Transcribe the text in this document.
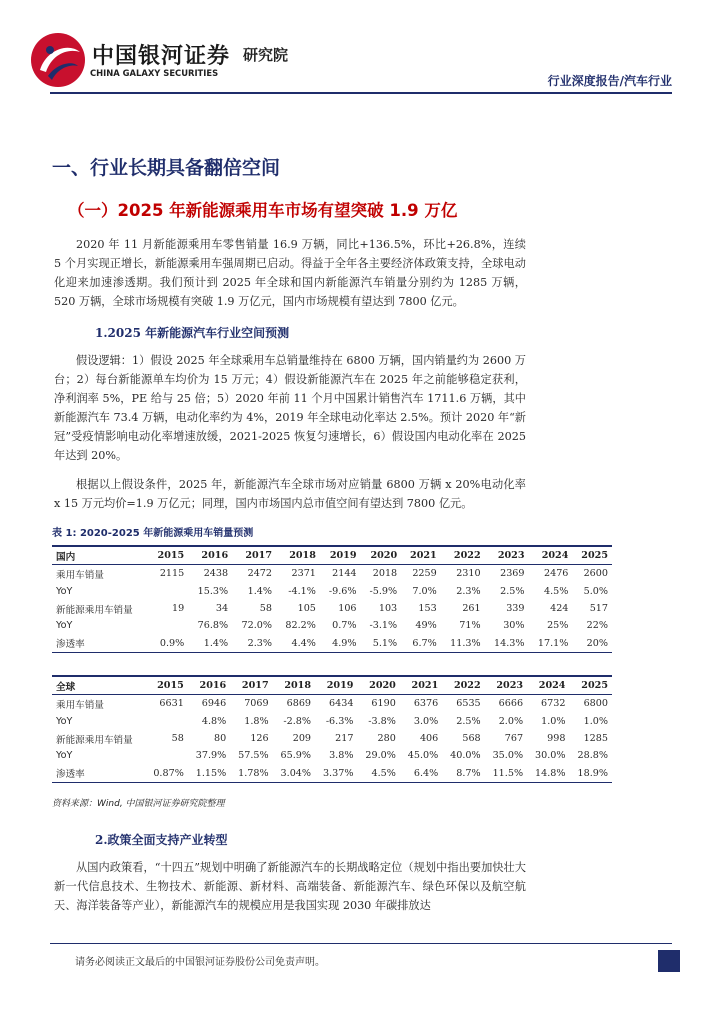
中国银河证券
CHINA GALAXY SECURITIES
研究院
行业深度报告/汽车行业
一、行业长期具备翻倍空间
（一）2025 年新能源乘用车市场有望突破 1.9 万亿
2020 年 11 月新能源乘用车零售销量 16.9 万辆，同比+136.5%，环比+26.8%，连续 5 个月实现正增长，新能源乘用车强周期已启动。得益于全年各主要经济体政策支持，全球电动化迎来加速渗透期。我们预计到 2025 年全球和国内新能源汽车销量分别约为 1285 万辆，520 万辆，全球市场规模有突破 1.9 万亿元，国内市场规模有望达到 7800 亿元。
1.2025 年新能源汽车行业空间预测
假设逻辑：1）假设 2025 年全球乘用车总销量维持在 6800 万辆，国内销量约为 2600 万台；2）每台新能源单车均价为 15 万元；4）假设新能源汽车在 2025 年之前能够稳定获利，净利润率 5%，PE 给与 25 倍；5）2020 年前 11 个月中国累计销售汽车 1711.6 万辆，其中新能源汽车 73.4 万辆，电动化率约为 4%，2019 年全球电动化率达 2.5%。预计 2020 年“新冠”受疫情影响电动化率增速放缓，2021-2025 恢复匀速增长，6）假设国内电动化率在 2025 年达到 20%。
根据以上假设条件，2025 年，新能源汽车全球市场对应销量 6800 万辆 x 20%电动化率 x 15 万元均价=1.9 万亿元；同理，国内市场国内总市值空间有望达到 7800 亿元。
表 1: 2020-2025 年新能源乘用车销量预测
国内	2015	2016	2017	2018	2019	2020	2021	2022	2023	2024	2025
乘用车销量	2115	2438	2472	2371	2144	2018	2259	2310	2369	2476	2600
YoY		15.3%	1.4%	-4.1%	-9.6%	-5.9%	7.0%	2.3%	2.5%	4.5%	5.0%
新能源乘用车销量	19	34	58	105	106	103	153	261	339	424	517
YoY		76.8%	72.0%	82.2%	0.7%	-3.1%	49%	71%	30%	25%	22%
渗透率	0.9%	1.4%	2.3%	4.4%	4.9%	5.1%	6.7%	11.3%	14.3%	17.1%	20%
全球	2015	2016	2017	2018	2019	2020	2021	2022	2023	2024	2025
乘用车销量	6631	6946	7069	6869	6434	6190	6376	6535	6666	6732	6800
YoY		4.8%	1.8%	-2.8%	-6.3%	-3.8%	3.0%	2.5%	2.0%	1.0%	1.0%
新能源乘用车销量	58	80	126	209	217	280	406	568	767	998	1285
YoY		37.9%	57.5%	65.9%	3.8%	29.0%	45.0%	40.0%	35.0%	30.0%	28.8%
渗透率	0.87%	1.15%	1.78%	3.04%	3.37%	4.5%	6.4%	8.7%	11.5%	14.8%	18.9%
资料来源：Wind, 中国银河证券研究院整理
2.政策全面支持产业转型
从国内政策看，“十四五”规划中明确了新能源汽车的长期战略定位（规划中指出要加快壮大新一代信息技术、生物技术、新能源、新材料、高端装备、新能源汽车、绿色环保以及航空航天、海洋装备等产业），新能源汽车的规模应用是我国实现 2030 年碳排放达
请务必阅读正文最后的中国银河证券股份公司免责声明。
